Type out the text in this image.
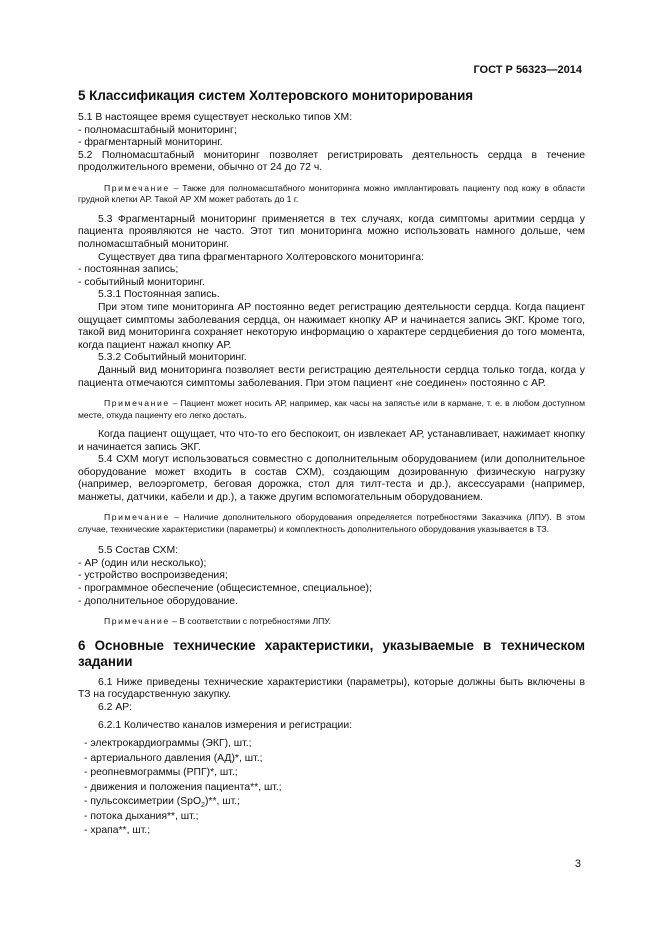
ГОСТ Р 56323—2014
5 Классификация систем Холтеровского мониторирования

5.1 В настоящее время существует несколько типов ХМ:

- полномасштабный мониторинг;

- фрагментарный мониторинг.

5.2 Полномасштабный мониторинг позволяет регистрировать деятельность сердца в течение продолжительного времени, обычно от 24 до 72 ч.

Примечание – Также для полномасштабного мониторинга можно имплантировать пациенту под кожу в области грудной клетки АР. Такой АР ХМ может работать до 1 г.

5.3 Фрагментарный мониторинг применяется в тех случаях, когда симптомы аритмии сердца у пациента проявляются не часто. Этот тип мониторинга можно использовать намного дольше, чем полномасштабный мониторинг.

Существует два типа фрагментарного Холтеровского мониторинга:

- постоянная запись;

- событийный мониторинг.

5.3.1 Постоянная запись.

При этом типе мониторинга АР постоянно ведет регистрацию деятельности сердца. Когда пациент ощущает симптомы заболевания сердца, он нажимает кнопку АР и начинается запись ЭКГ. Кроме того, такой вид мониторинга сохраняет некоторую информацию о характере сердцебиения до того момента, когда пациент нажал кнопку АР.

5.3.2 Событийный мониторинг.

Данный вид мониторинга позволяет вести регистрацию деятельности сердца только тогда, когда у пациента отмечаются симптомы заболевания. При этом пациент «не соединен» постоянно с АР.

Примечание – Пациент может носить АР, например, как часы на запястье или в кармане, т. е. в любом доступном месте, откуда пациенту его легко достать.

Когда пациент ощущает, что что-то его беспокоит, он извлекает АР, устанавливает, нажимает кнопку и начинается запись ЭКГ.

5.4 СХМ могут использоваться совместно с дополнительным оборудованием (или дополнительное оборудование может входить в состав СХМ), создающим дозированную физическую нагрузку (например, велоэргометр, беговая дорожка, стол для тилт-теста и др.), аксессуарами (например, манжеты, датчики, кабели и др.), а также другим вспомогательным оборудованием.

Примечание – Наличие дополнительного оборудования определяется потребностями Заказчика (ЛПУ). В этом случае, технические характеристики (параметры) и комплектность дополнительного оборудования указывается в ТЗ.

5.5 Состав СХМ:

- АР (один или несколько);

- устройство воспроизведения;

- программное обеспечение (общесистемное, специальное);

- дополнительное оборудование.

Примечание – В соответствии с потребностями ЛПУ.

6 Основные технические характеристики, указываемые в техническом задании

6.1 Ниже приведены технические характеристики (параметры), которые должны быть включены в ТЗ на государственную закупку.

6.2 АР:

6.2.1 Количество каналов измерения и регистрации:

- электрокардиограммы (ЭКГ), шт.;

- артериального давления (АД)*, шт.;

- реопневмограммы (РПГ)*, шт.;

- движения и положения пациента**, шт.;

- пульсоксиметрии (SpO$_2$)**, шт.;

- потока дыхания**, шт.;

- храпа**, шт.;

3
